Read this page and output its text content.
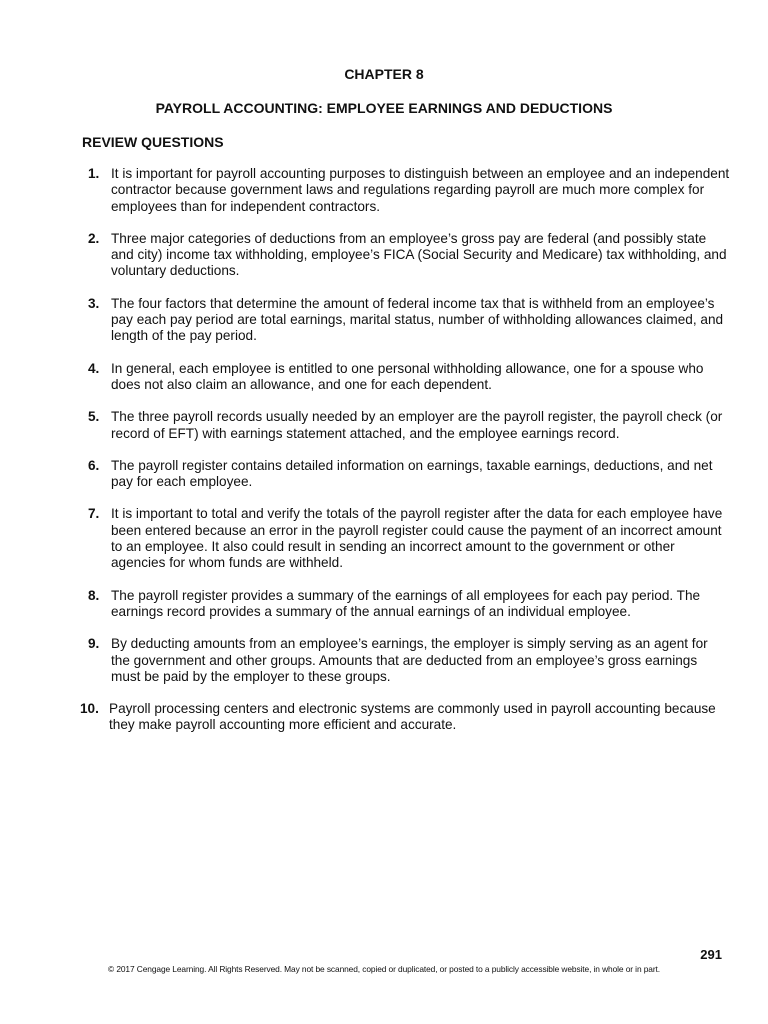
CHAPTER 8
PAYROLL ACCOUNTING: EMPLOYEE EARNINGS AND DEDUCTIONS
REVIEW QUESTIONS
1. It is important for payroll accounting purposes to distinguish between an employee and an independent contractor because government laws and regulations regarding payroll are much more complex for employees than for independent contractors.
2. Three major categories of deductions from an employee’s gross pay are federal (and possibly state and city) income tax withholding, employee’s FICA (Social Security and Medicare) tax withholding, and voluntary deductions.
3. The four factors that determine the amount of federal income tax that is withheld from an employee’s pay each pay period are total earnings, marital status, number of withholding allowances claimed, and length of the pay period.
4. In general, each employee is entitled to one personal withholding allowance, one for a spouse who does not also claim an allowance, and one for each dependent.
5. The three payroll records usually needed by an employer are the payroll register, the payroll check (or record of EFT) with earnings statement attached, and the employee earnings record.
6. The payroll register contains detailed information on earnings, taxable earnings, deductions, and net pay for each employee.
7. It is important to total and verify the totals of the payroll register after the data for each employee have been entered because an error in the payroll register could cause the payment of an incorrect amount to an employee. It also could result in sending an incorrect amount to the government or other agencies for whom funds are withheld.
8. The payroll register provides a summary of the earnings of all employees for each pay period. The earnings record provides a summary of the annual earnings of an individual employee.
9. By deducting amounts from an employee’s earnings, the employer is simply serving as an agent for the government and other groups. Amounts that are deducted from an employee’s gross earnings must be paid by the employer to these groups.
10. Payroll processing centers and electronic systems are commonly used in payroll accounting because they make payroll accounting more efficient and accurate.
291
© 2017 Cengage Learning. All Rights Reserved. May not be scanned, copied or duplicated, or posted to a publicly accessible website, in whole or in part.
